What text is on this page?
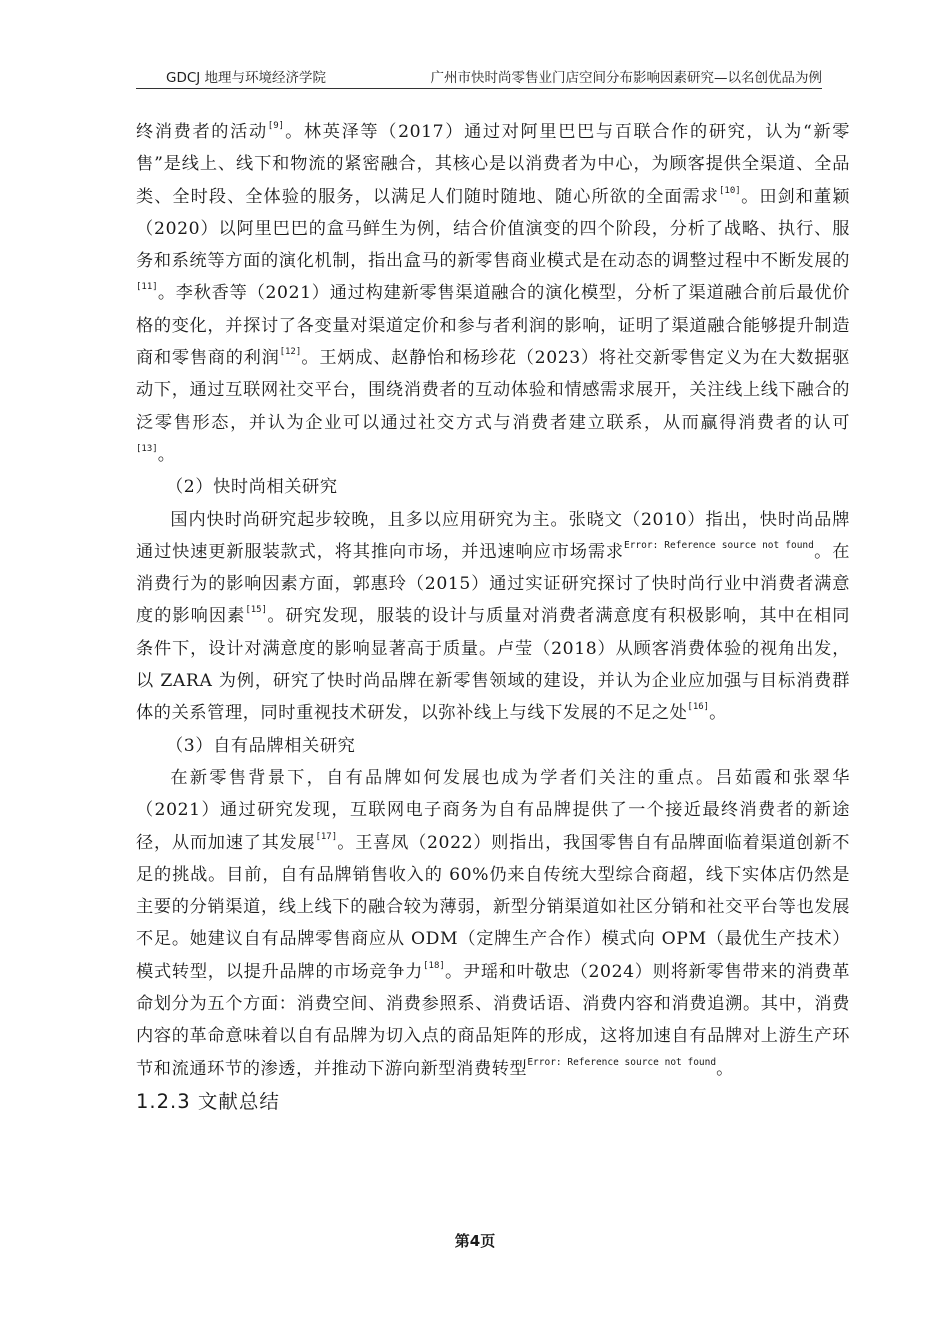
GDCJ 地理与环境经济学院	广州市快时尚零售业门店空间分布影响因素研究—以名创优品为例

终消费者的活动[9]。林英泽等（2017）通过对阿里巴巴与百联合作的研究，认为“新零售”是线上、线下和物流的紧密融合，其核心是以消费者为中心，为顾客提供全渠道、全品类、全时段、全体验的服务，以满足人们随时随地、随心所欲的全面需求[10]。田剑和董颖（2020）以阿里巴巴的盒马鲜生为例，结合价值演变的四个阶段，分析了战略、执行、服务和系统等方面的演化机制，指出盒马的新零售商业模式是在动态的调整过程中不断发展的[11]。李秋香等（2021）通过构建新零售渠道融合的演化模型，分析了渠道融合前后最优价格的变化，并探讨了各变量对渠道定价和参与者利润的影响，证明了渠道融合能够提升制造商和零售商的利润[12]。王炳成、赵静怡和杨珍花（2023）将社交新零售定义为在大数据驱动下，通过互联网社交平台，围绕消费者的互动体验和情感需求展开，关注线上线下融合的泛零售形态，并认为企业可以通过社交方式与消费者建立联系，从而赢得消费者的认可[13]。

（2）快时尚相关研究

国内快时尚研究起步较晚，且多以应用研究为主。张晓文（2010）指出，快时尚品牌通过快速更新服装款式，将其推向市场，并迅速响应市场需求$^{Error: Reference source not found}$。在消费行为的影响因素方面，郭惠玲（2015）通过实证研究探讨了快时尚行业中消费者满意度的影响因素[15]。研究发现，服装的设计与质量对消费者满意度有积极影响，其中在相同条件下，设计对满意度的影响显著高于质量。卢莹（2018）从顾客消费体验的视角出发，以 ZARA 为例，研究了快时尚品牌在新零售领域的建设，并认为企业应加强与目标消费群体的关系管理，同时重视技术研发，以弥补线上与线下发展的不足之处[16]。

（3）自有品牌相关研究

在新零售背景下，自有品牌如何发展也成为学者们关注的重点。吕茹霞和张翠华（2021）通过研究发现，互联网电子商务为自有品牌提供了一个接近最终消费者的新途径，从而加速了其发展[17]。王喜凤（2022）则指出，我国零售自有品牌面临着渠道创新不足的挑战。目前，自有品牌销售收入的 60%仍来自传统大型综合商超，线下实体店仍然是主要的分销渠道，线上线下的融合较为薄弱，新型分销渠道如社区分销和社交平台等也发展不足。她建议自有品牌零售商应从 ODM（定牌生产合作）模式向 OPM（最优生产技术）模式转型，以提升品牌的市场竞争力[18]。尹瑶和叶敬忠（2024）则将新零售带来的消费革命划分为五个方面：消费空间、消费参照系、消费话语、消费内容和消费追溯。其中，消费内容的革命意味着以自有品牌为切入点的商品矩阵的形成，这将加速自有品牌对上游生产环节和流通环节的渗透，并推动下游向新型消费转型$^{Error: Reference source not found}$。

1.2.3 文献总结
第4页
